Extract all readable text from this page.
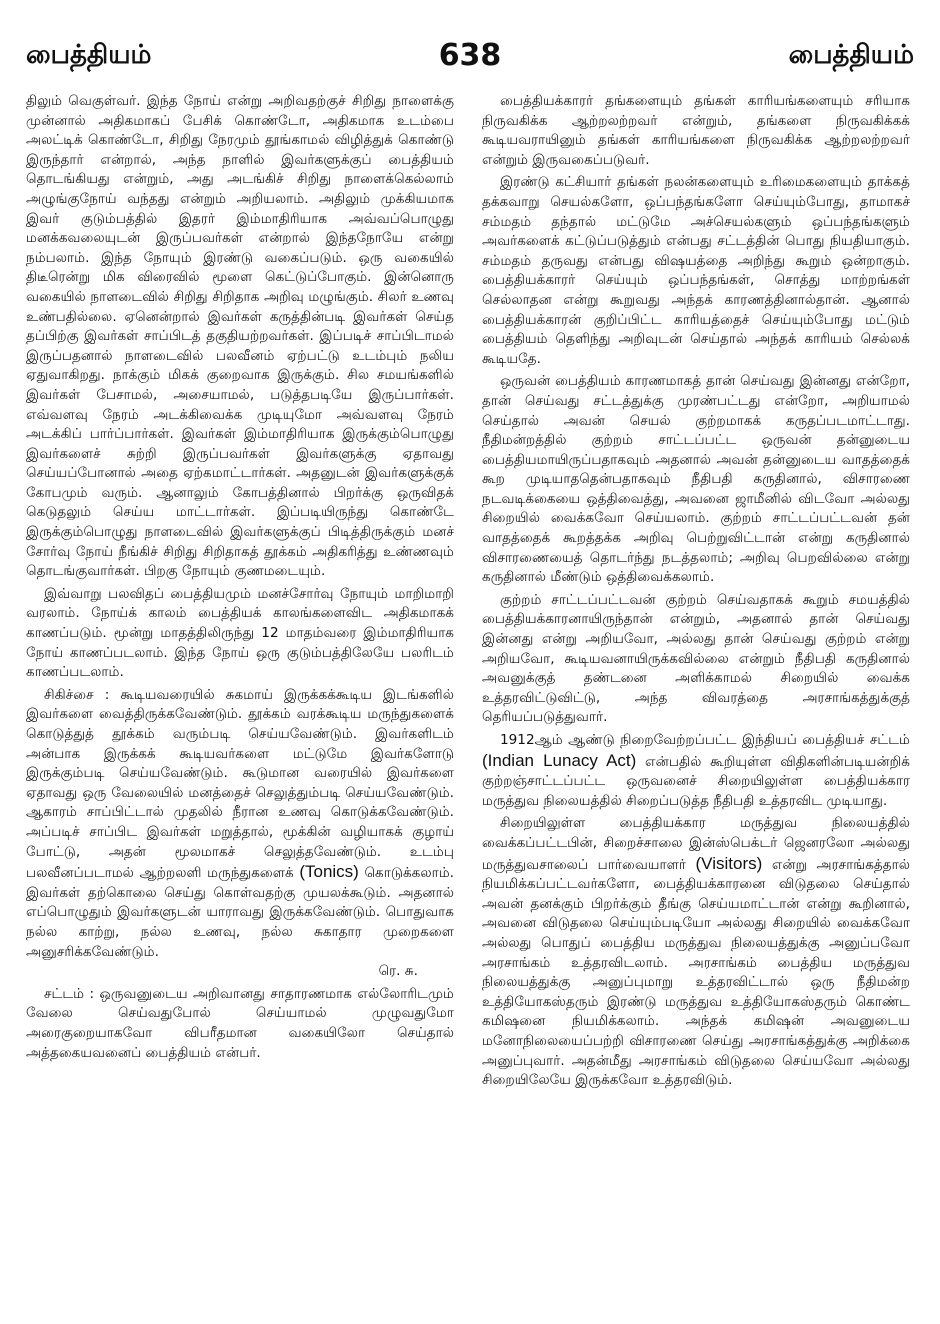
பைத்தியம்	638	பைத்தியம்

திலும் வெகுள்வர். இந்த நோய் என்று அறிவதற்குச் சிறிது நாளைக்கு முன்னால் அதிகமாகப் பேசிக் கொண்டோ, அதிகமாக உடம்பை அலட்டிக் கொண்டோ, சிறிது நேரமும் தூங்காமல் விழித்துக் கொண்டு இருந்தார் என்றால், அந்த நாளில் இவர்களுக்குப் பைத்தியம் தொடங்கியது என்றும், அது அடங்கிச் சிறிது நாளைக்கெல்லாம் அழுங்குநோய் வந்தது என்றும் அறியலாம். அதிலும் முக்கியமாக இவர் குடும்பத்தில் இதரர் இம்மாதிரியாக அவ்வப்பொழுது மனக்கவலையுடன் இருப்பவர்கள் என்றால் இந்தநோயே என்று நம்பலாம். இந்த நோயும் இரண்டு வகைப்படும். ஒரு வகையில் திடீரென்று மிக விரைவில் மூளை கெட்டுப்போகும். இன்னொரு வகையில் நாளடைவில் சிறிது சிறிதாக அறிவு மழுங்கும். சிலர் உணவு உண்பதில்லை. ஏனென்றால் இவர்கள் கருத்தின்படி இவர்கள் செய்த தப்பிற்கு இவர்கள் சாப்பிடத் தகுதியற்றவர்கள். இப்படிச் சாப்பிடாமல் இருப்பதனால் நாளடைவில் பலவீனம் ஏற்பட்டு உடம்பும் நலிய ஏதுவாகிறது. நாக்கும் மிகக் குறைவாக இருக்கும். சில சமயங்களில் இவர்கள் பேசாமல், அசையாமல், படுத்தபடியே இருப்பார்கள். எவ்வளவு நேரம் அடக்கிவைக்க முடியுமோ அவ்வளவு நேரம் அடக்கிப் பார்ப்பார்கள். இவர்கள் இம்மாதிரியாக இருக்கும்பொழுது இவர்களைச் சுற்றி இருப்பவர்கள் இவர்களுக்கு ஏதாவது செய்யப்போனால் அதை ஏற்கமாட்டார்கள். அதனுடன் இவர்களுக்குக் கோபமும் வரும். ஆனாலும் கோபத்தினால் பிறர்க்கு ஒருவிதக் கெடுதலும் செய்ய மாட்டார்கள். இப்படியிருந்து கொண்டே இருக்கும்பொழுது நாளடைவில் இவர்களுக்குப் பிடித்திருக்கும் மனச் சோர்வு நோய் நீங்கிச் சிறிது சிறிதாகத் தூக்கம் அதிகரித்து உண்ணவும் தொடங்குவார்கள். பிறகு நோயும் குணமடையும்.

இவ்வாறு பலவிதப் பைத்தியமும் மனச்சோர்வு நோயும் மாறிமாறி வரலாம். நோய்க் காலம் பைத்தியக் காலங்களைவிட அதிகமாகக் காணப்படும். மூன்று மாதத்திலிருந்து 12 மாதம்வரை இம்மாதிரியாக நோய் காணப்படலாம். இந்த நோய் ஒரு குடும்பத்திலேயே பலரிடம் காணப்படலாம்.

சிகிச்சை : கூடியவரையில் சுகமாய் இருக்கக்கூடிய இடங்களில் இவர்களை வைத்திருக்கவேண்டும். தூக்கம் வரக்கூடிய மருந்துகளைக் கொடுத்துத் தூக்கம் வரும்படி செய்யவேண்டும். இவர்களிடம் அன்பாக இருக்கக் கூடியவர்களை மட்டுமே இவர்களோடு இருக்கும்படி செய்யவேண்டும். கூடுமான வரையில் இவர்களை ஏதாவது ஒரு வேலையில் மனத்தைச் செலுத்தும்படி செய்யவேண்டும். ஆகாரம் சாப்பிட்டால் முதலில் நீரான உணவு கொடுக்கவேண்டும். அப்படிச் சாப்பிட இவர்கள் மறுத்தால், மூக்கின் வழியாகக் குழாய் போட்டு, அதன் மூலமாகச் செலுத்தவேண்டும். உடம்பு பலவீனப்படாமல் ஆற்றலளி மருந்துகளைக் (Tonics) கொடுக்கலாம். இவர்கள் தற்கொலை செய்து கொள்வதற்கு முயலக்கூடும். அதனால் எப்பொழுதும் இவர்களுடன் யாராவது இருக்கவேண்டும். பொதுவாக நல்ல காற்று, நல்ல உணவு, நல்ல சுகாதார முறைகளை அனுசரிக்கவேண்டும்.
ரெ. சு.

சட்டம் : ஒருவனுடைய அறிவானது சாதாரணமாக எல்லோரிடமும் வேலை செய்வதுபோல் செய்யாமல் முழுவதுமோ அரைகுறையாகவோ விபரீதமான வகையிலோ செய்தால் அத்தகையவனைப் பைத்தியம் என்பர்.

பைத்தியக்காரர் தங்களையும் தங்கள் காரியங்களையும் சரியாக நிருவகிக்க ஆற்றலற்றவர் என்றும், தங்களை நிருவகிக்கக் கூடியவராயினும் தங்கள் காரியங்களை நிருவகிக்க ஆற்றலற்றவர் என்றும் இருவகைப்படுவர்.

இரண்டு கட்சியார் தங்கள் நலன்களையும் உரிமைகளையும் தாக்கத் தக்கவாறு செயல்களோ, ஒப்பந்தங்களோ செய்யும்போது, தாமாகச் சம்மதம் தந்தால் மட்டுமே அச்செயல்களும் ஒப்பந்தங்களும் அவர்களைக் கட்டுப்படுத்தும் என்பது சட்டத்தின் பொது நியதியாகும். சம்மதம் தருவது என்பது விஷயத்தை அறிந்து கூறும் ஒன்றாகும். பைத்தியக்காரர் செய்யும் ஒப்பந்தங்கள், சொத்து மாற்றங்கள் செல்லாதன என்று கூறுவது அந்தக் காரணத்தினால்தான். ஆனால் பைத்தியக்காரன் குறிப்பிட்ட காரியத்தைச் செய்யும்போது மட்டும் பைத்தியம் தெளிந்து அறிவுடன் செய்தால் அந்தக் காரியம் செல்லக் கூடியதே.

ஒருவன் பைத்தியம் காரணமாகத் தான் செய்வது இன்னது என்றோ, தான் செய்வது சட்டத்துக்கு முரண்பட்டது என்றோ, அறியாமல் செய்தால் அவன் செயல் குற்றமாகக் கருதப்படமாட்டாது. நீதிமன்றத்தில் குற்றம் சாட்டப்பட்ட ஒருவன் தன்னுடைய பைத்தியமாயிருப்பதாகவும் அதனால் அவன் தன்னுடைய வாதத்தைக் கூற முடியாததென்பதாகவும் நீதிபதி கருதினால், விசாரணை நடவடிக்கையை ஒத்திவைத்து, அவனை ஜாமீனில் விடவோ அல்லது சிறையில் வைக்கவோ செய்யலாம். குற்றம் சாட்டப்பட்டவன் தன் வாதத்தைக் கூறத்தக்க அறிவு பெற்றுவிட்டான் என்று கருதினால் விசாரணையைத் தொடர்ந்து நடத்தலாம்; அறிவு பெறவில்லை என்று கருதினால் மீண்டும் ஒத்திவைக்கலாம்.

குற்றம் சாட்டப்பட்டவன் குற்றம் செய்வதாகக் கூறும் சமயத்தில் பைத்தியக்காரனாயிருந்தான் என்றும், அதனால் தான் செய்வது இன்னது என்று அறியவோ, அல்லது தான் செய்வது குற்றம் என்று அறியவோ, கூடியவனாயிருக்கவில்லை என்றும் நீதிபதி கருதினால் அவனுக்குத் தண்டனை அளிக்காமல் சிறையில் வைக்க உத்தரவிட்டுவிட்டு, அந்த விவரத்தை அரசாங்கத்துக்குத் தெரியப்படுத்துவார்.

1912ஆம் ஆண்டு நிறைவேற்றப்பட்ட இந்தியப் பைத்தியச் சட்டம் (Indian Lunacy Act) என்பதில் கூறியுள்ள விதிகளின்படியன்றிக் குற்றஞ்சாட்டப்பட்ட ஒருவனைச் சிறையிலுள்ள பைத்தியக்கார மருத்துவ நிலையத்தில் சிறைப்படுத்த நீதிபதி உத்தரவிட முடியாது.

சிறையிலுள்ள பைத்தியக்கார மருத்துவ நிலையத்தில் வைக்கப்பட்டபின், சிறைச்சாலை இன்ஸ்பெக்டர் ஜெனரலோ அல்லது மருத்துவசாலைப் பார்வையாளர் (Visitors) என்று அரசாங்கத்தால் நியமிக்கப்பட்டவர்களோ, பைத்தியக்காரனை விடுதலை செய்தால் அவன் தனக்கும் பிறர்க்கும் தீங்கு செய்யமாட்டான் என்று கூறினால், அவனை விடுதலை செய்யும்படியோ அல்லது சிறையில் வைக்கவோ அல்லது பொதுப் பைத்திய மருத்துவ நிலையத்துக்கு அனுப்பவோ அரசாங்கம் உத்தரவிடலாம். அரசாங்கம் பைத்திய மருத்துவ நிலையத்துக்கு அனுப்புமாறு உத்தரவிட்டால் ஒரு நீதிமன்ற உத்தியோகஸ்தரும் இரண்டு மருத்துவ உத்தியோகஸ்தரும் கொண்ட கமிஷனை நியமிக்கலாம். அந்தக் கமிஷன் அவனுடைய மனோநிலையைப்பற்றி விசாரணை செய்து அரசாங்கத்துக்கு அறிக்கை அனுப்புவார். அதன்மீது அரசாங்கம் விடுதலை செய்யவோ அல்லது சிறையிலேயே இருக்கவோ உத்தரவிடும்.
